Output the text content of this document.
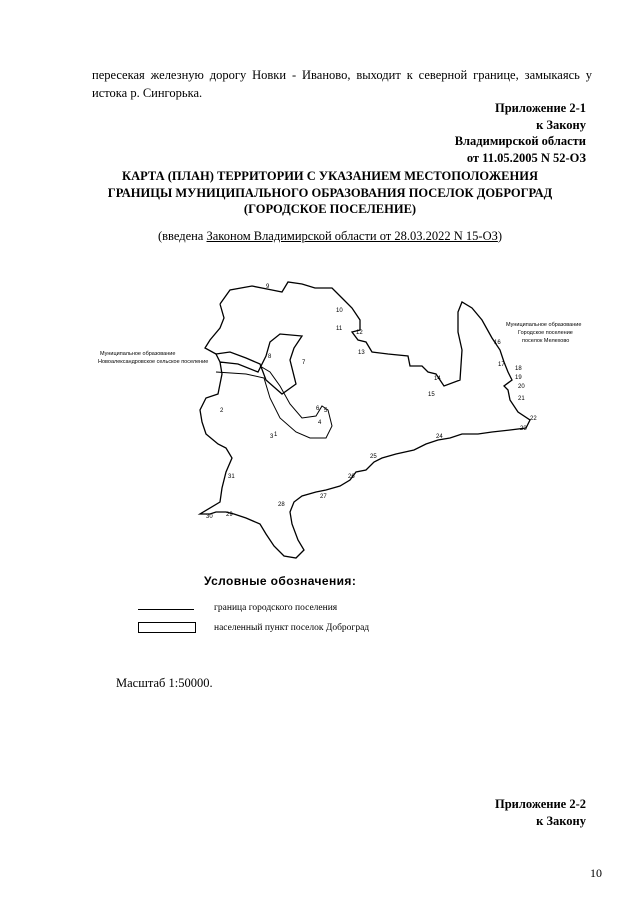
пересекая железную дорогу Новки - Иваново, выходит к северной границе, замыкаясь у истока р. Сингорька.
Приложение 2-1
к Закону
Владимирской области
от 11.05.2005 N 52-ОЗ
КАРТА (ПЛАН) ТЕРРИТОРИИ С УКАЗАНИЕМ МЕСТОПОЛОЖЕНИЯ
ГРАНИЦЫ МУНИЦИПАЛЬНОГО ОБРАЗОВАНИЯ ПОСЕЛОК ДОБРОГРАД
(ГОРОДСКОЕ ПОСЕЛЕНИЕ)
(введена Законом Владимирской области от 28.03.2022 N 15-ОЗ)
Муниципальное образование
Новоалександровское сельское поселение
Муниципальное образование
Городское поселение
поселок Мелехово
1
2
3
4
5
6
7
8
9
10
11
12
13
14
15
16
17
18
19
20
21
22
23
24
25
26
27
28
29
30
31
Условные обозначения:
граница городского поселения
населенный пункт поселок Доброград
Масштаб 1:50000.
Приложение 2-2
к Закону
10
